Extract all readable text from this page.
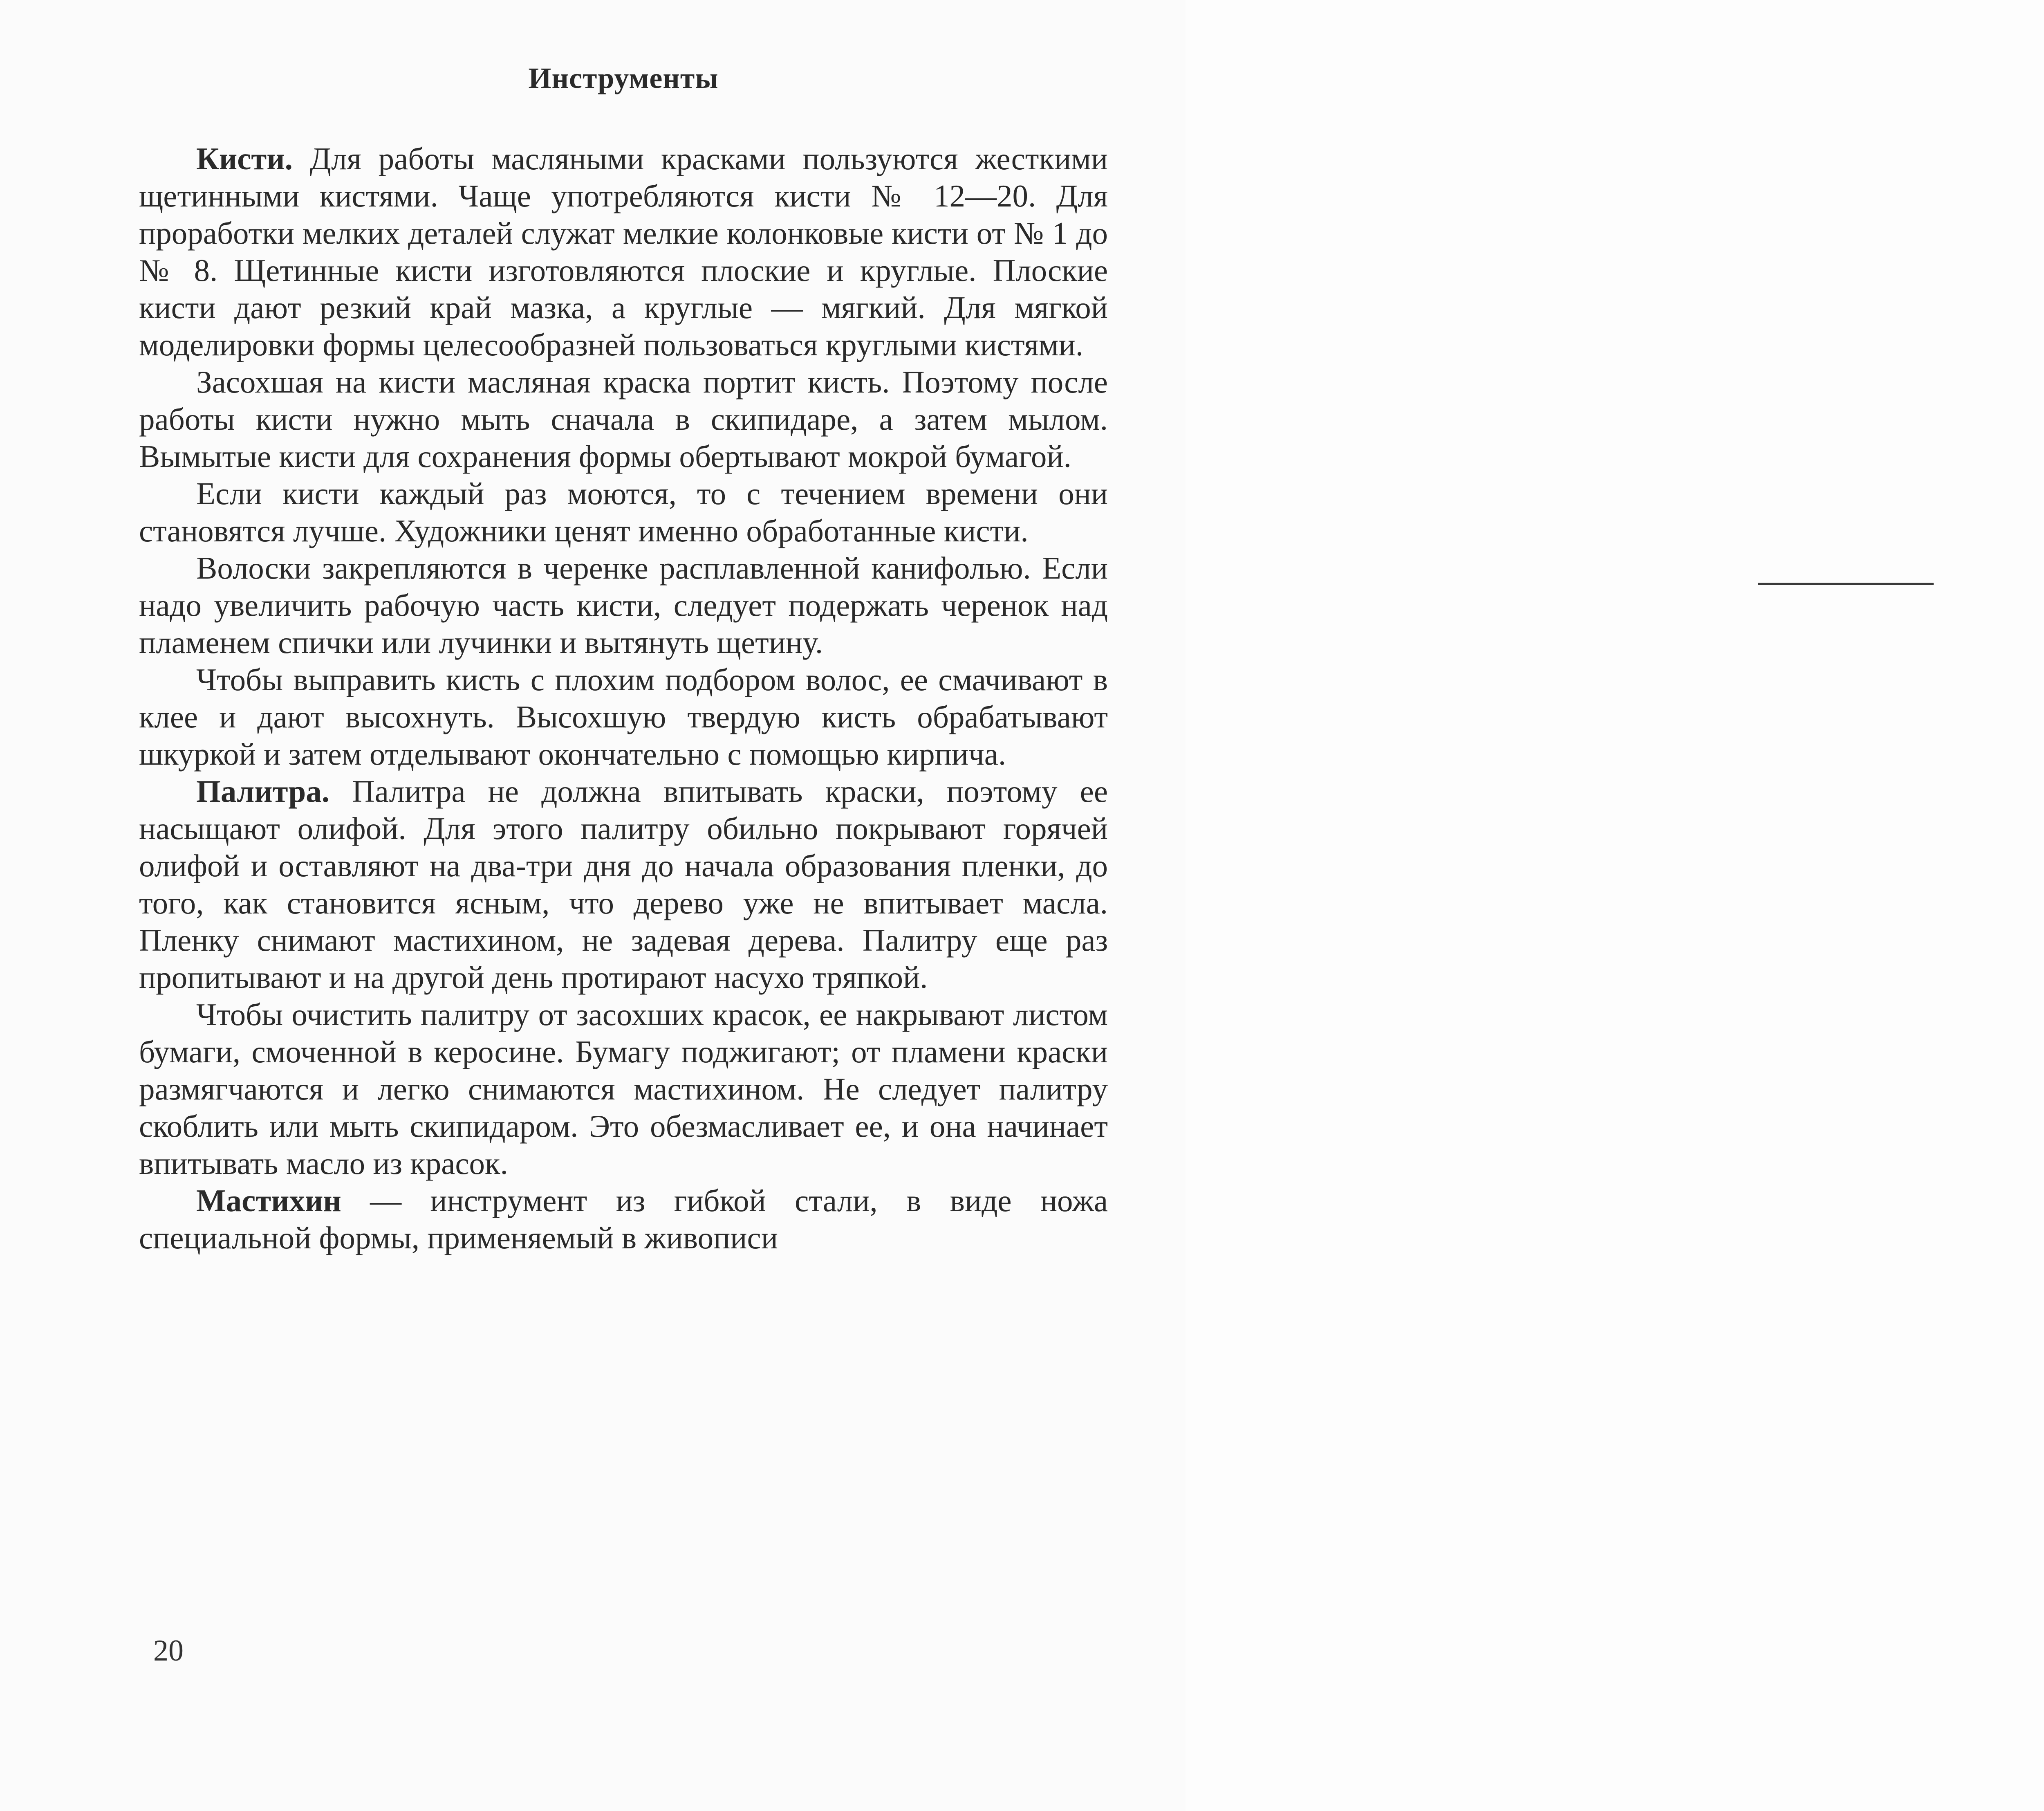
Инструменты

Кисти. Для работы масляными красками пользуются жесткими щетинными кистями. Чаще употребляются кисти № 12—20. Для проработки мелких деталей служат мелкие колонковые кисти от № 1 до № 8. Щетинные кисти изготовляются плоские и круглые. Плоские кисти дают резкий край мазка, а круглые — мягкий. Для мягкой моделировки формы целесообразней пользоваться круглыми кистями.

Засохшая на кисти масляная краска портит кисть. Поэтому после работы кисти нужно мыть сначала в скипидаре, а затем мылом. Вымытые кисти для сохранения формы обертывают мокрой бумагой.

Если кисти каждый раз моются, то с течением времени они становятся лучше. Художники ценят именно обработанные кисти.

Волоски закрепляются в черенке расплавленной канифолью. Если надо увеличить рабочую часть кисти, следует подержать черенок над пламенем спички или лучинки и вытянуть щетину.

Чтобы выправить кисть с плохим подбором волос, ее смачивают в клее и дают высохнуть. Высохшую твердую кисть обрабатывают шкуркой и затем отделывают окончательно с помощью кирпича.

Палитра. Палитра не должна впитывать краски, поэтому ее насыщают олифой. Для этого палитру обильно покрывают горячей олифой и оставляют на два-три дня до начала образования пленки, до того, как становится ясным, что дерево уже не впитывает масла. Пленку снимают мастихином, не задевая дерева. Палитру еще раз пропитывают и на другой день протирают насухо тряпкой.

Чтобы очистить палитру от засохших красок, ее накрывают листом бумаги, смоченной в керосине. Бумагу поджигают; от пламени краски размягчаются и легко снимаются мастихином. Не следует палитру скоблить или мыть скипидаром. Это обезмасливает ее, и она начинает впитывать масло из красок.

Мастихин — инструмент из гибкой стали, в виде ножа специальной формы, применяемый в живописи

20
